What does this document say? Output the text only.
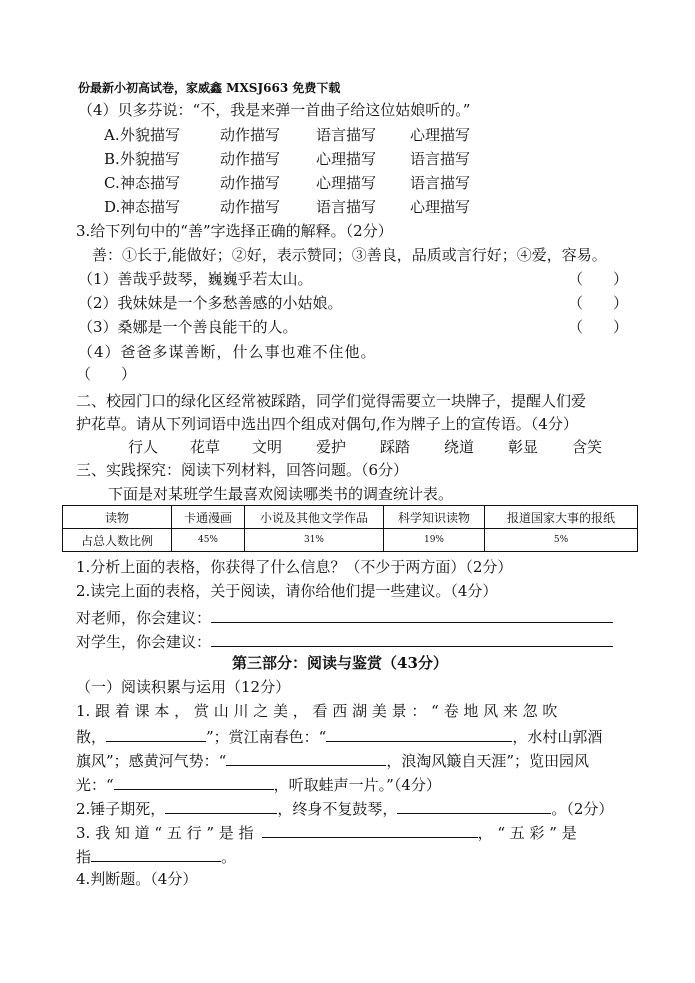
份最新小初高试卷，家威鑫 MXSJ663 免费下载
（4）贝多芬说：“不，我是来弹一首曲子给这位姑娘听的。”
A. 外貌描写	动作描写 语言描写 心理描写
B. 外貌描写	动作描写 心理描写 语言描写
C. 神态描写	动作描写 心理描写 语言描写
D. 神态描写	动作描写 语言描写 心理描写
3.给下列句中的“善”字选择正确的解释。（2分）
善：①长于,能做好；②好，表示赞同；③善良，品质或言行好；④爱，容易。
（1）善哉乎鼓琴，巍巍乎若太山。	（　　）
（2）我妹妹是一个多愁善感的小姑娘。	（　　）
（3）桑娜是一个善良能干的人。	（　　）
（4）爸爸多谋善断，什么事也难不住他。
（　　）
二、校园门口的绿化区经常被踩踏，同学们觉得需要立一块牌子，提醒人们爱
护花草。请从下列词语中选出四个组成对偶句,作为牌子上的宣传语。（4分）
行人 花草 文明 爱护 踩踏 绕道 彰显 含笑
三、实践探究：阅读下列材料，回答问题。（6分）
下面是对某班学生最喜欢阅读哪类书的调查统计表。
读物	卡通漫画	小说及其他文学作品	科学知识读物	报道国家大事的报纸
占总人数比例	45%	31%	19%	5%
1.分析上面的表格，你获得了什么信息？（不少于两方面）（2分）
2.读完上面的表格，关于阅读，请你给他们提一些建议。（4分）
对老师，你会建议：
对学生，你会建议：
第三部分：阅读与鉴赏（43分）
（一）阅读积累与运用（12分）
1. 跟 着 课 本 ， 赏 山 川 之 美 ， 看 西 湖 美 景 ： “ 卷 地 风 来 忽 吹
散，	”；赏江南春色：“	，水村山郭酒
旗风”；感黄河气势：“	，浪淘风簸自天涯”；览田园风
光：“	，听取蛙声一片。”（4分）
2.锤子期死，	，终身不复鼓琴，	。（2分）
3. 我 知 道 “ 五 行 ” 是 指	， “ 五 彩 ” 是
指	。
4.判断题。（4分）
